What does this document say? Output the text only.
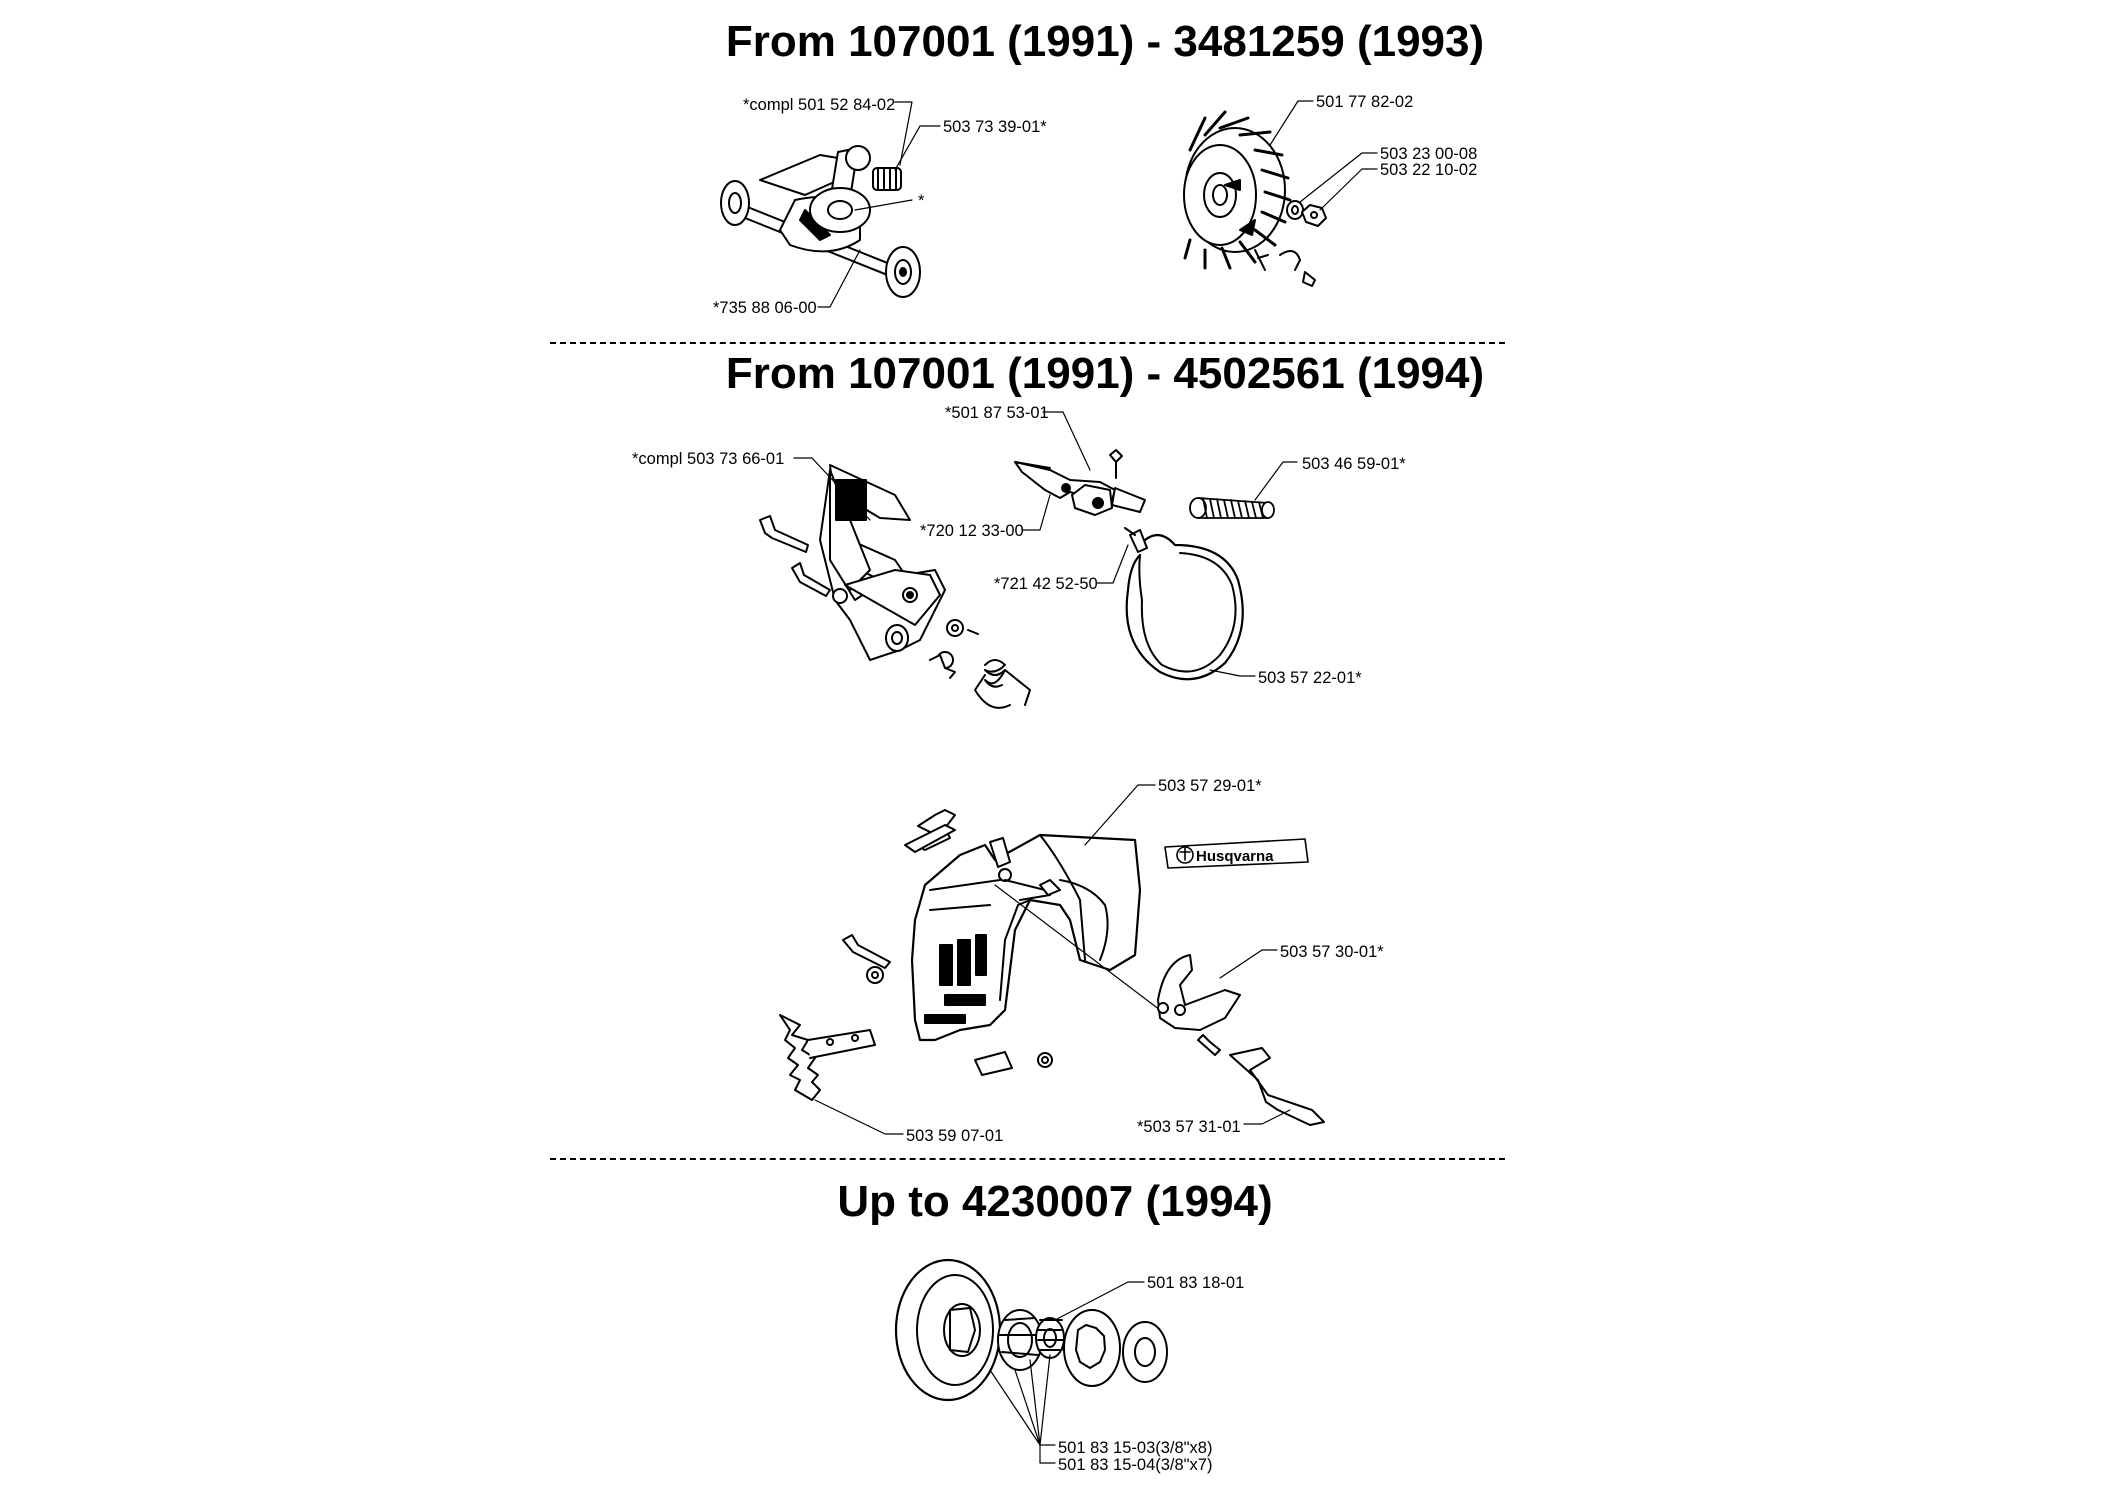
From 107001 (1991) - 3481259 (1993)
From 107001 (1991) - 4502561 (1994)
Up to 4230007 (1994)
*compl 501 52 84-02
503 73 39-01*
*
*735 88 06-00
501 77 82-02
503 23 00-08
503 22 10-02
*501 87 53-01
*compl 503 73 66-01	503 46 59-01*
*720 12 33-00
*721 42 52-50
503 57 22-01*
503 57 29-01*
503 57 30-01*
503 59 07-01	*503 57 31-01
501 83 18-01
501 83 15-03(3/8"x8)
501 83 15-04(3/8"x7)
Husqvarna
